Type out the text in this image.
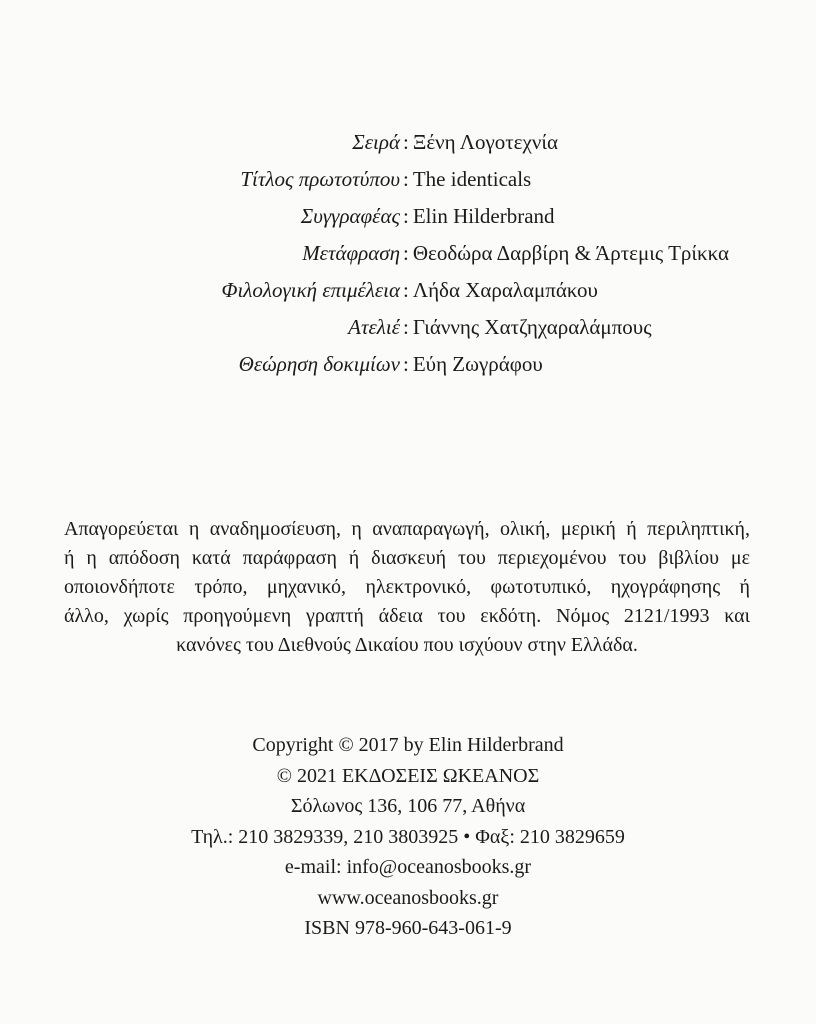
Σειρά : Ξένη Λογοτεχνία
Τίτλος πρωτοτύπου : The identicals
Συγγραφέας : Elin Hilderbrand
Μετάφραση : Θεοδώρα Δαρβίρη & Άρτεμις Τρίκκα
Φιλολογική επιμέλεια : Λήδα Χαραλαμπάκου
Ατελιέ : Γιάννης Χατζηχαραλάμπους
Θεώρηση δοκιμίων : Εύη Ζωγράφου
Απαγορεύεται η αναδημοσίευση, η αναπαραγωγή, ολική, μερική ή περιληπτική,
ή η απόδοση κατά παράφραση ή διασκευή του περιεχομένου του βιβλίου με
οποιονδήποτε τρόπο, μηχανικό, ηλεκτρονικό, φωτοτυπικό, ηχογράφησης ή
άλλο, χωρίς προηγούμενη γραπτή άδεια του εκδότη. Νόμος 2121/1993 και
κανόνες του Διεθνούς Δικαίου που ισχύουν στην Ελλάδα.
Copyright © 2017 by Elin Hilderbrand
© 2021 ΕΚΔΟΣΕΙΣ ΩΚΕΑΝΟΣ
Σόλωνος 136, 106 77, Αθήνα
Τηλ.: 210 3829339, 210 3803925 • Φαξ: 210 3829659
e-mail: info@oceanosbooks.gr
www.oceanosbooks.gr
ISBN 978-960-643-061-9
